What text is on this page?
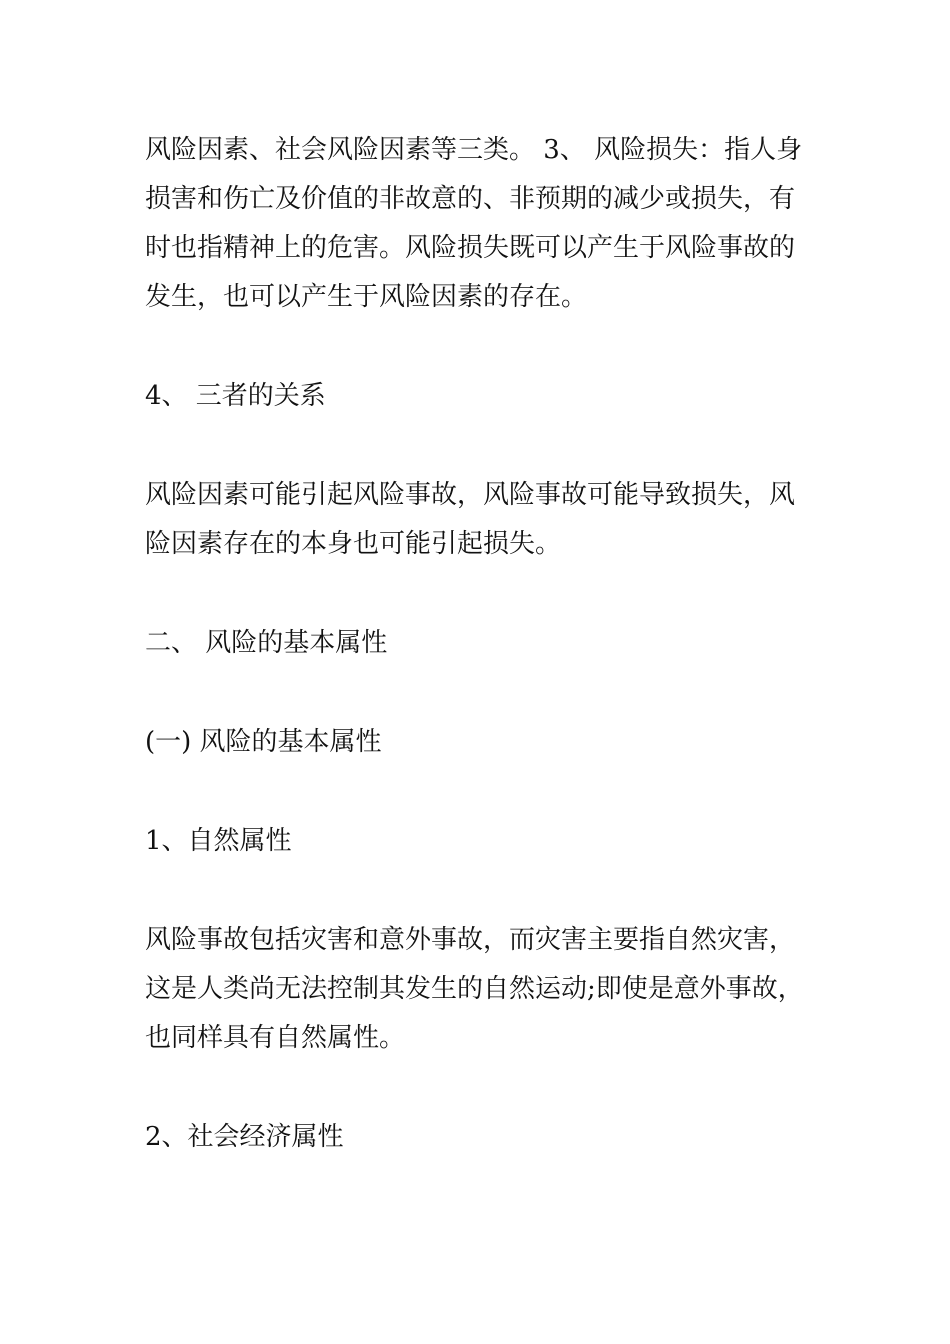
风险因素、社会风险因素等三类。 3、 风险损失：指人身损害和伤亡及价值的非故意的、非预期的减少或损失，有时也指精神上的危害。风险损失既可以产生于风险事故的发生，也可以产生于风险因素的存在。

4、 三者的关系

风险因素可能引起风险事故，风险事故可能导致损失，风险因素存在的本身也可能引起损失。

二、 风险的基本属性

(一) 风险的基本属性

1、自然属性

风险事故包括灾害和意外事故，而灾害主要指自然灾害，这是人类尚无法控制其发生的自然运动;即使是意外事故，也同样具有自然属性。

2、社会经济属性
